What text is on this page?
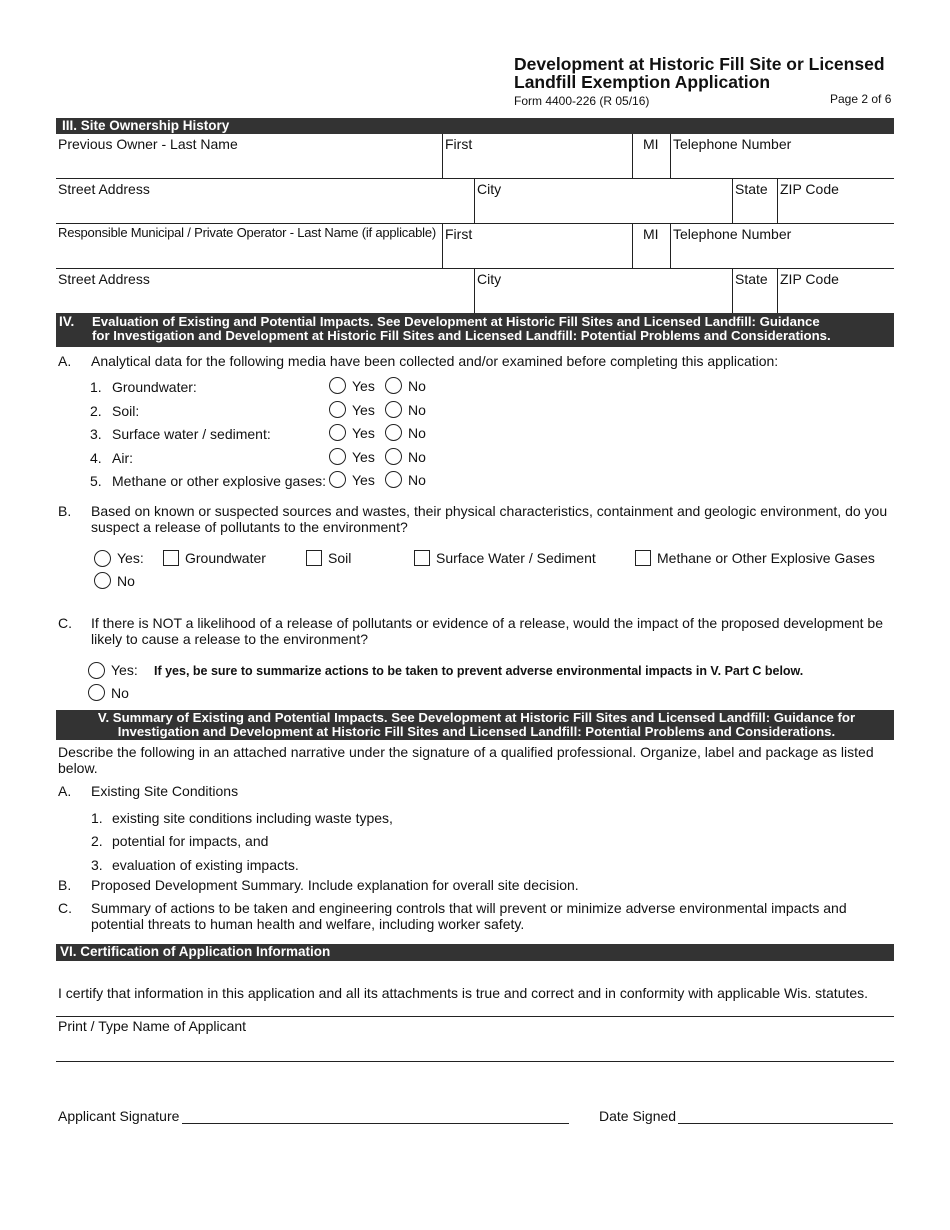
Development at Historic Fill Site or Licensed
Landfill Exemption Application
Form 4400-226 (R 05/16)	Page 2 of 6
III. Site Ownership History
Previous Owner - Last Name	First	MI	Telephone Number
Street Address	City	State ZIP Code
Responsible Municipal / Private Operator - Last Name (if applicable) First	MI	Telephone Number
Street Address	City	State ZIP Code
IV. Evaluation of Existing and Potential Impacts. See Development at Historic Fill Sites and Licensed Landfill: Guidance
for Investigation and Development at Historic Fill Sites and Licensed Landfill: Potential Problems and Considerations.
A. Analytical data for the following media have been collected and/or examined before completing this application:
1. Groundwater:	Yes No
2. Soil:	Yes No
3. Surface water / sediment:	Yes No
4. Air:	Yes No
5. Methane or other explosive gases: Yes No
B. Based on known or suspected sources and wastes, their physical characteristics, containment and geologic environment, do you
suspect a release of pollutants to the environment?
Yes:	Groundwater	Soil	Surface Water / Sediment	Methane or Other Explosive Gases
No
C. If there is NOT a likelihood of a release of pollutants or evidence of a release, would the impact of the proposed development be
likely to cause a release to the environment?
Yes: If yes, be sure to summarize actions to be taken to prevent adverse environmental impacts in V. Part C below.
No
V. Summary of Existing and Potential Impacts. See Development at Historic Fill Sites and Licensed Landfill: Guidance for
Investigation and Development at Historic Fill Sites and Licensed Landfill: Potential Problems and Considerations.
Describe the following in an attached narrative under the signature of a qualified professional. Organize, label and package as listed
below.
A. Existing Site Conditions
1. existing site conditions including waste types,
2. potential for impacts, and
3. evaluation of existing impacts.
B. Proposed Development Summary. Include explanation for overall site decision.
C. Summary of actions to be taken and engineering controls that will prevent or minimize adverse environmental impacts and
potential threats to human health and welfare, including worker safety.
VI. Certification of Application Information
I certify that information in this application and all its attachments is true and correct and in conformity with applicable Wis. statutes.
Print / Type Name of Applicant
Applicant Signature	Date Signed
